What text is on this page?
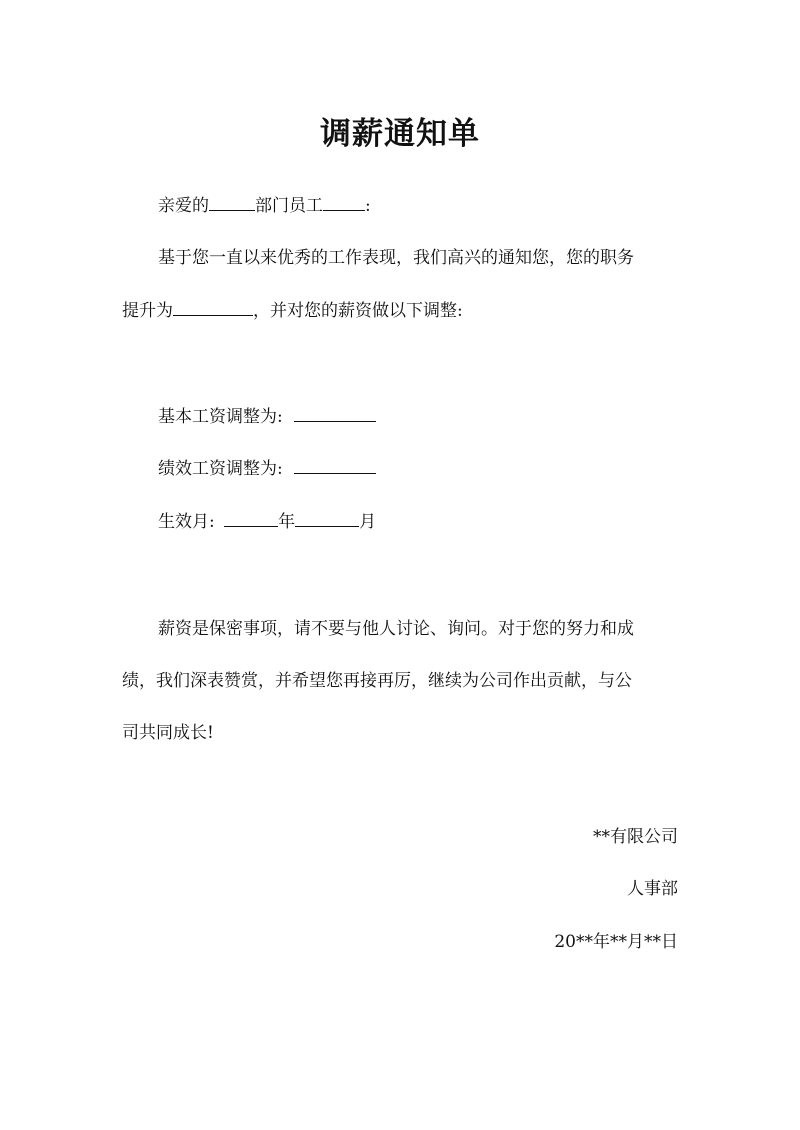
调薪通知单
亲爱的	部门员工 :
基于您一直以来优秀的工作表现，我们高兴的通知您，您的职务
提升为	，并对您的薪资做以下调整:
基本工资调整为:
绩效工资调整为:
生效月:	年	月
薪资是保密事项，请不要与他人讨论、询问。对于您的努力和成
绩，我们深表赞赏，并希望您再接再厉，继续为公司作出贡献，与公
司共同成长!
**有限公司
人事部
20**年**月**日
